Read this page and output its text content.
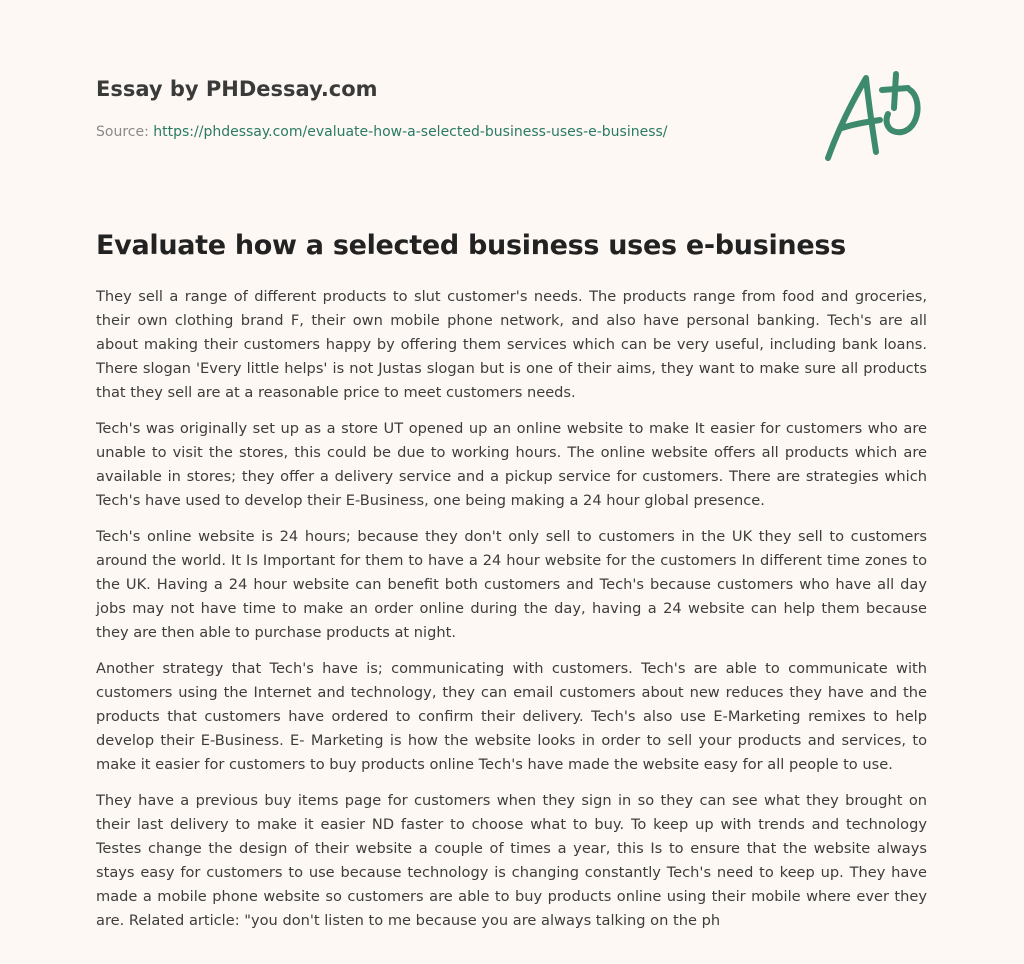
Essay by PHDessay.com
Source: https://phdessay.com/evaluate-how-a-selected-business-uses-e-business/
Evaluate how a selected business uses e-business

They sell a range of different products to slut customer's needs. The products range from food and groceries, their own clothing brand F, their own mobile phone network, and also have personal banking. Tech's are all about making their customers happy by offering them services which can be very useful, including bank loans. There slogan 'Every little helps' is not Justas slogan but is one of their aims, they want to make sure all products that they sell are at a reasonable price to meet customers needs.

Tech's was originally set up as a store UT opened up an online website to make It easier for customers who are unable to visit the stores, this could be due to working hours. The online website offers all products which are available in stores; they offer a delivery service and a pickup service for customers. There are strategies which Tech's have used to develop their E-Business, one being making a 24 hour global presence.

Tech's online website is 24 hours; because they don't only sell to customers in the UK they sell to customers around the world. It Is Important for them to have a 24 hour website for the customers In different time zones to the UK. Having a 24 hour website can benefit both customers and Tech's because customers who have all day jobs may not have time to make an order online during the day, having a 24 website can help them because they are then able to purchase products at night.

Another strategy that Tech's have is; communicating with customers. Tech's are able to communicate with customers using the Internet and technology, they can email customers about new reduces they have and the products that customers have ordered to confirm their delivery. Tech's also use E-Marketing remixes to help develop their E-Business. E- Marketing is how the website looks in order to sell your products and services, to make it easier for customers to buy products online Tech's have made the website easy for all people to use.

They have a previous buy items page for customers when they sign in so they can see what they brought on their last delivery to make it easier ND faster to choose what to buy. To keep up with trends and technology Testes change the design of their website a couple of times a year, this Is to ensure that the website always stays easy for customers to use because technology is changing constantly Tech's need to keep up. They have made a mobile phone website so customers are able to buy products online using their mobile where ever they are. Related article: "you don't listen to me because you are always talking on the ph
